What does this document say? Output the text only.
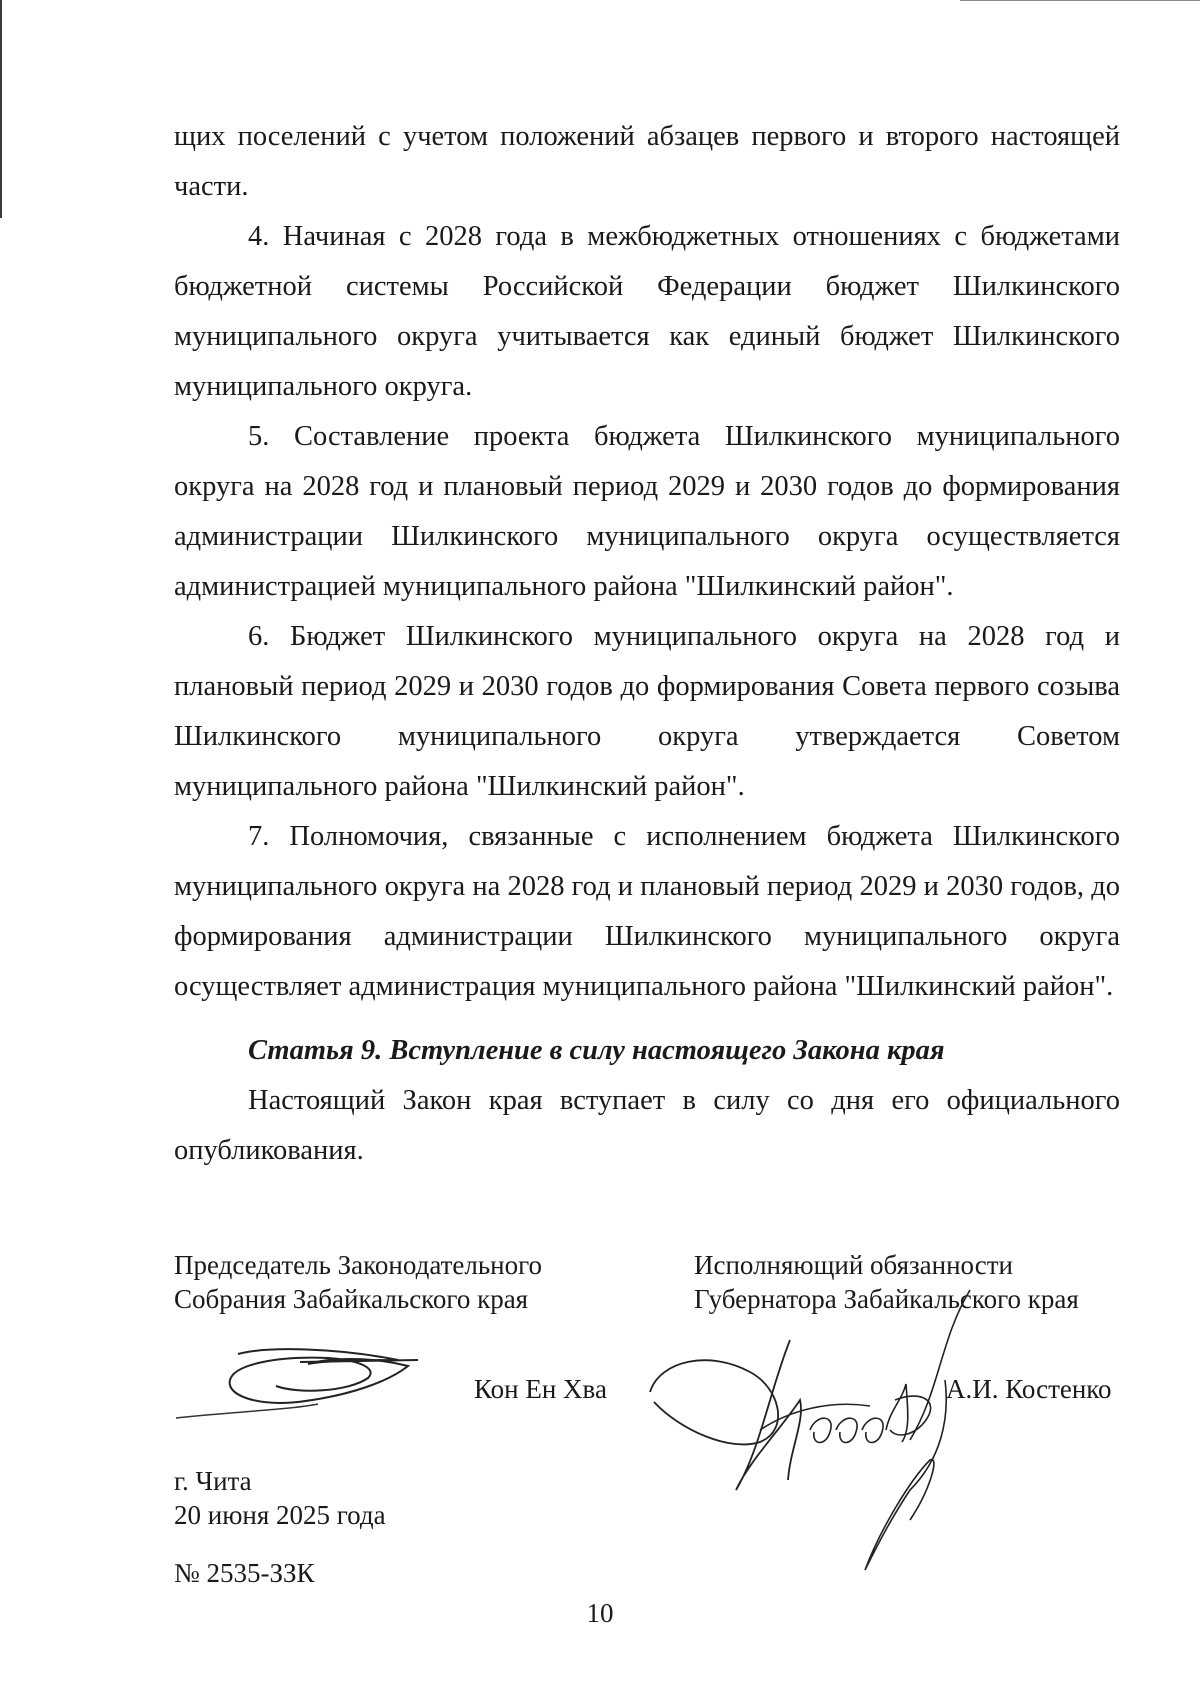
щих поселений с учетом положений абзацев первого и второго настоящей части.

4. Начиная с 2028 года в межбюджетных отношениях с бюджетами бюджетной системы Российской Федерации бюджет Шилкинского муниципального округа учитывается как единый бюджет Шилкинского муниципального округа.

5. Составление проекта бюджета Шилкинского муниципального округа на 2028 год и плановый период 2029 и 2030 годов до формирования администрации Шилкинского муниципального округа осуществляется администрацией муниципального района "Шилкинский район".

6. Бюджет Шилкинского муниципального округа на 2028 год и плановый период 2029 и 2030 годов до формирования Совета первого созыва Шилкинского муниципального округа утверждается Советом муниципального района "Шилкинский район".

7. Полномочия, связанные с исполнением бюджета Шилкинского муниципального округа на 2028 год и плановый период 2029 и 2030 годов, до формирования администрации Шилкинского муниципального округа осуществляет администрация муниципального района "Шилкинский район".

Статья 9. Вступление в силу настоящего Закона края

Настоящий Закон края вступает в силу со дня его официального опубликования.

Председатель Законодательного
Собрания Забайкальского края
Кон Ен Хва
Исполняющий обязанности
Губернатора Забайкальского края
А.И. Костенко
г. Чита
20 июня 2025 года
№ 2535-ЗЗК
10
